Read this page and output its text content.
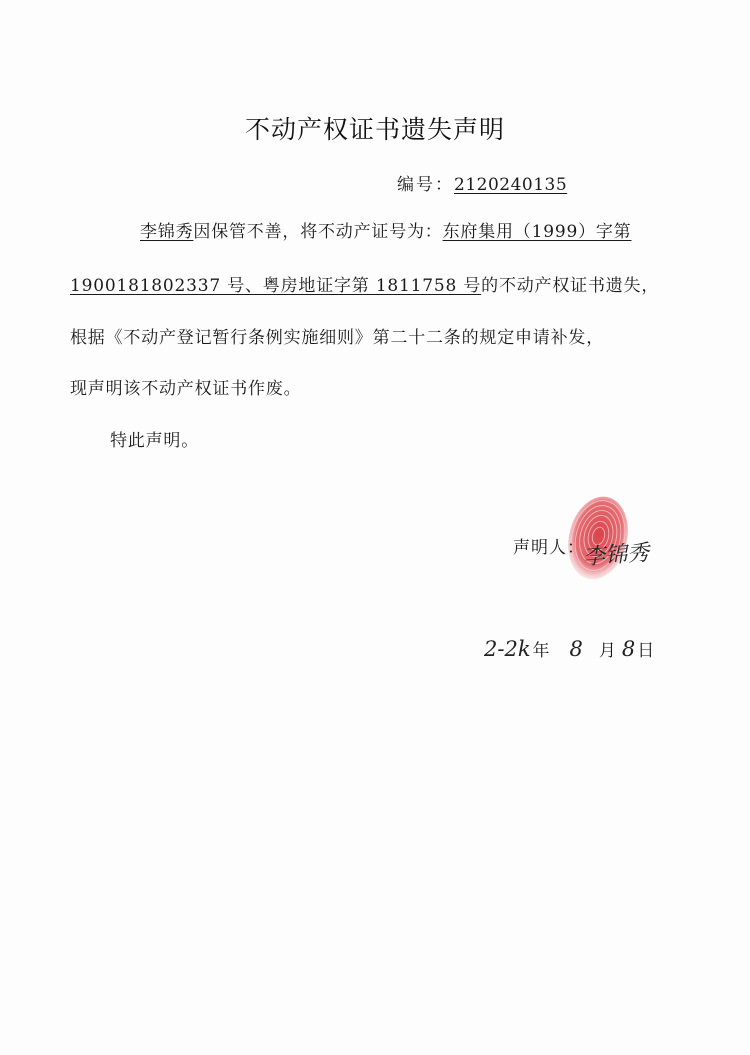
不动产权证书遗失声明
编号：2120240135
李锦秀因保管不善，将不动产证号为：东府集用（1999）字第
1900181802337 号、粤房地证字第 1811758 号的不动产权证书遗失，
根据《不动产登记暂行条例实施细则》第二十二条的规定申请补发，
现声明该不动产权证书作废。
特此声明。
声明人：
李锦秀
2-2k 年 8 月 8 日
